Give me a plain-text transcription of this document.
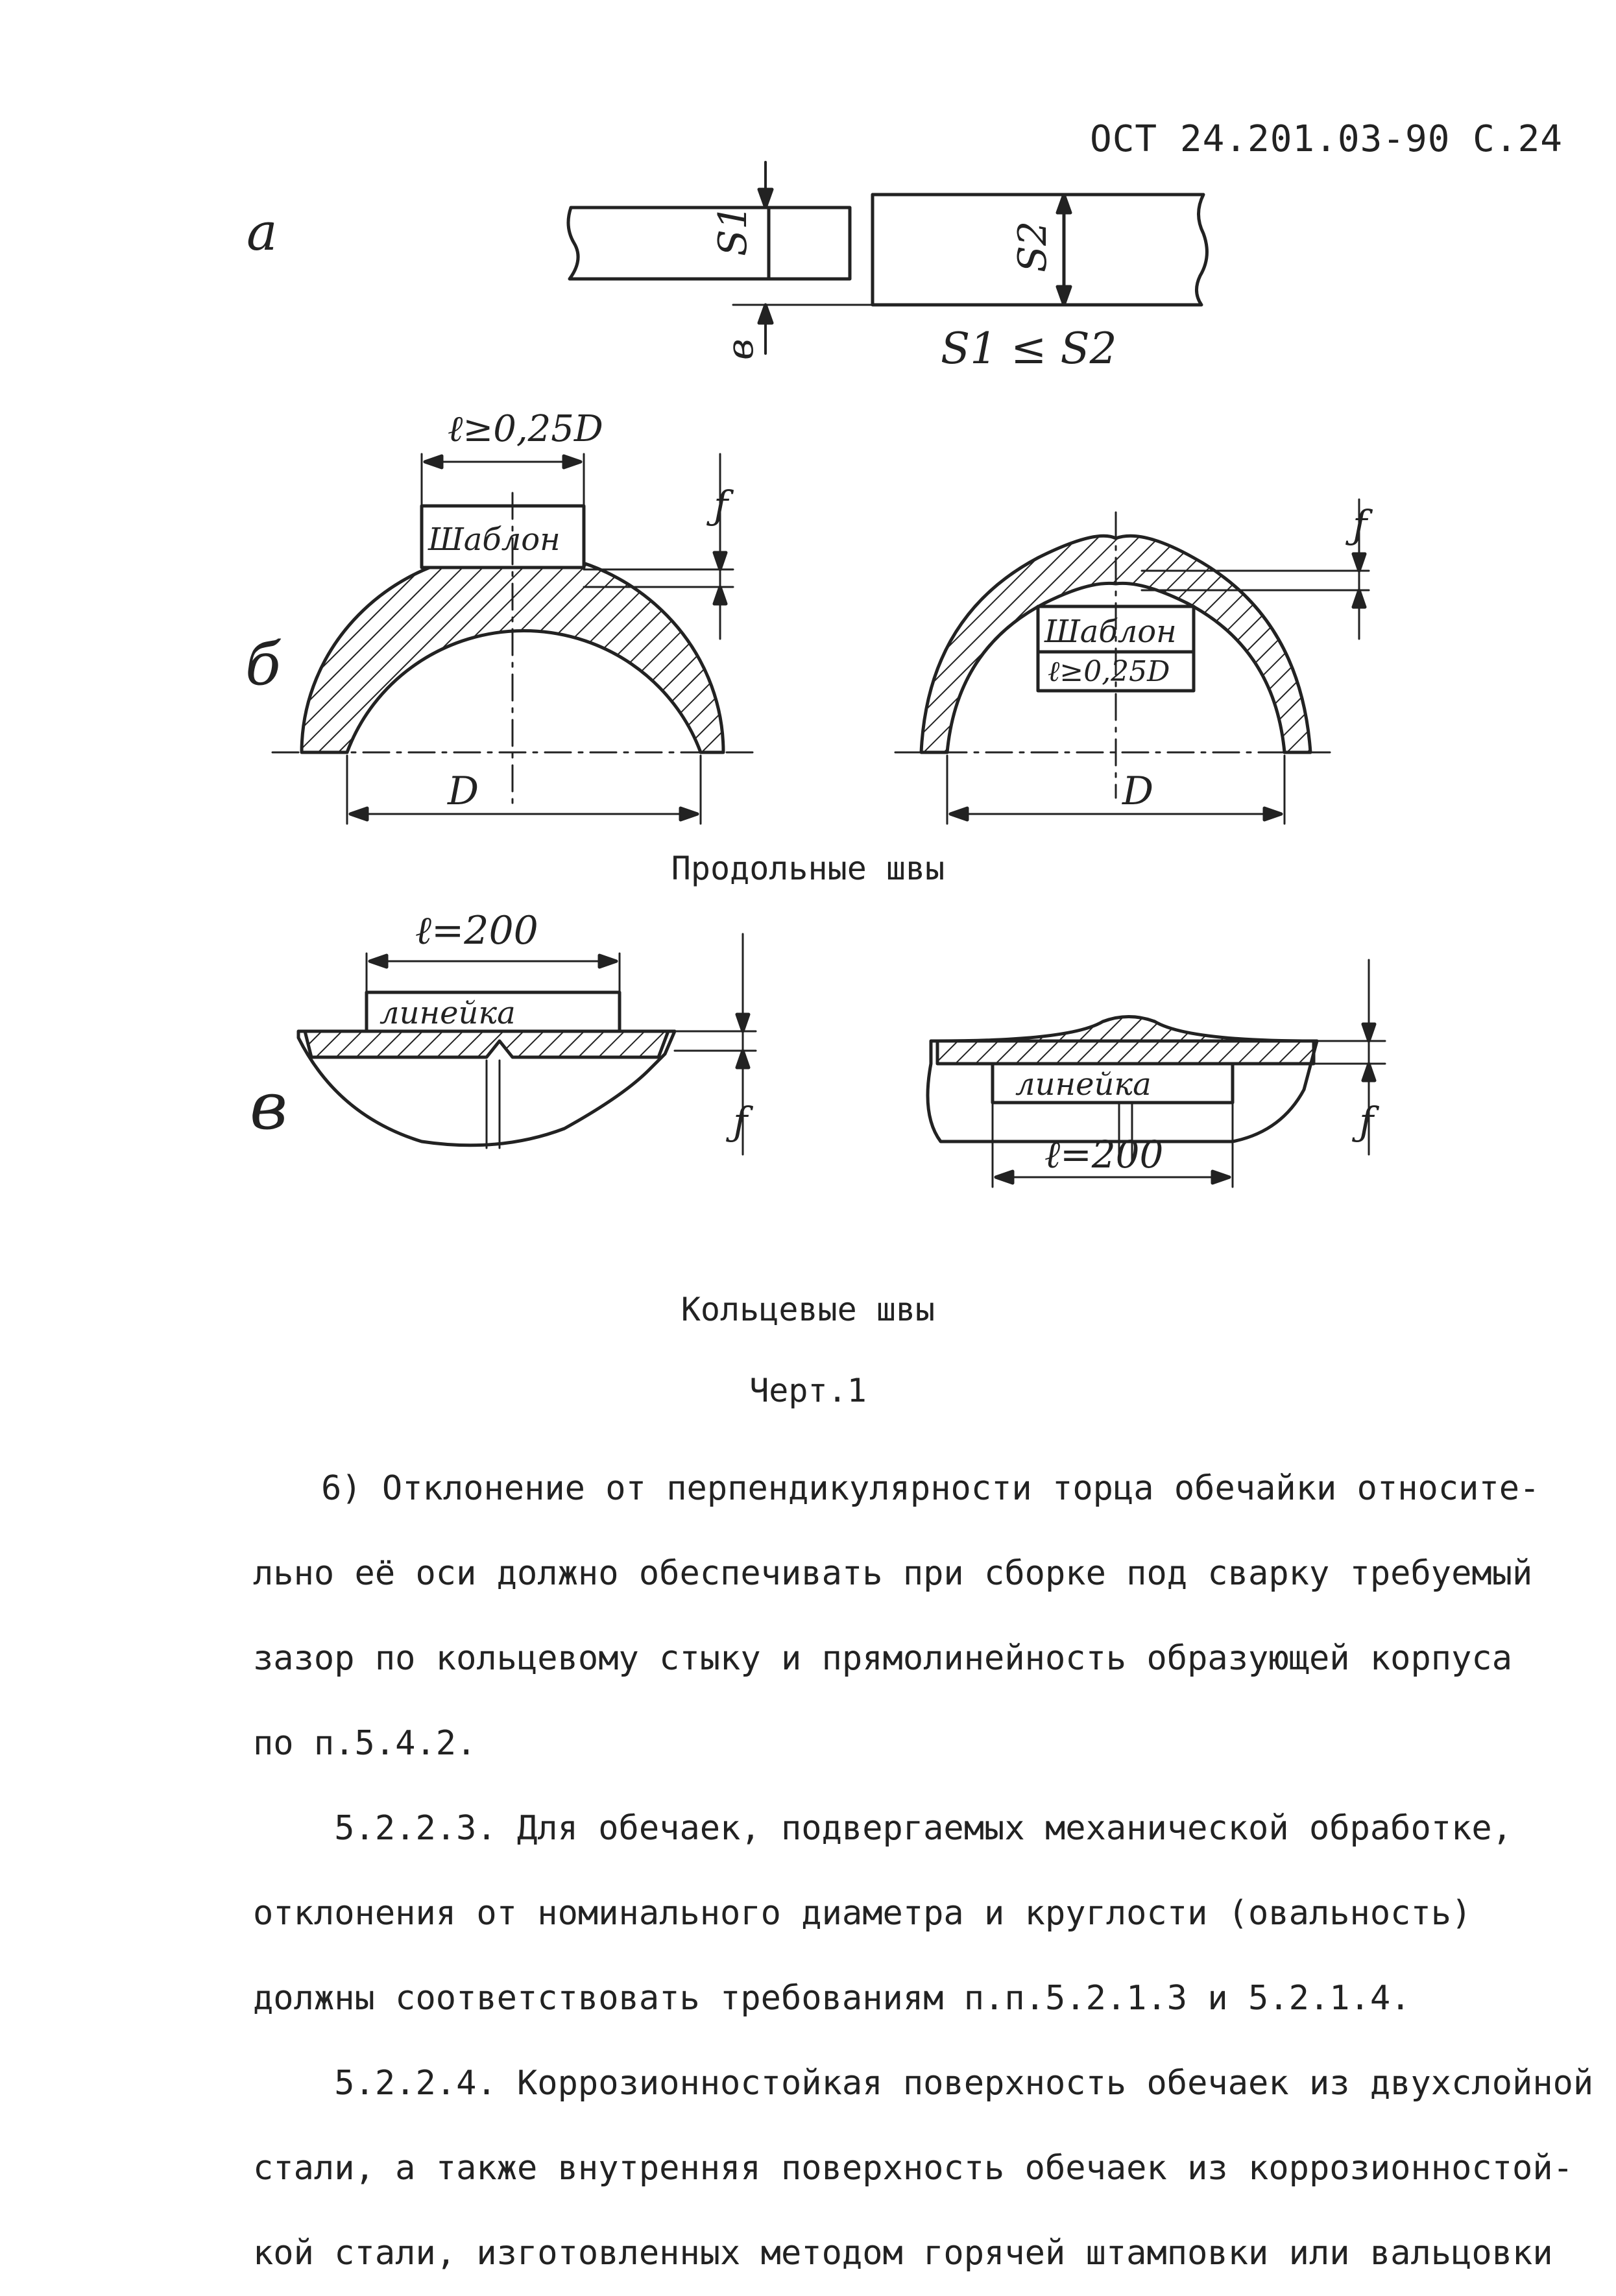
ОСТ 24.201.03-90 С.24
а
б
в
S1	S2
в	S1 ≤ S2
ℓ≥0,25D
Шаблон
D
ƒ
Шаблон
ℓ≥0,25D
D
ƒ
ℓ=200
линейка
ƒ
линейка
ℓ=200
ƒ
Продольные швы
Кольцевые швы
Черт.1

6) Отклонение от перпендикулярности торца обечайки относите-

льно её оси должно обеспечивать при сборке под сварку требуемый

зазор по кольцевому стыку и прямолинейность образующей корпуса

по п.5.4.2.

5.2.2.3. Для обечаек, подвергаемых механической обработке,

отклонения от номинального диаметра и круглости (овальность)

должны соответствовать требованиям п.п.5.2.1.3 и 5.2.1.4.

5.2.2.4. Коррозионностойкая поверхность обечаек из двухслойной

стали, а также внутренняя поверхность обечаек из коррозионностой-

кой стали, изготовленных методом горячей штамповки или вальцовки
